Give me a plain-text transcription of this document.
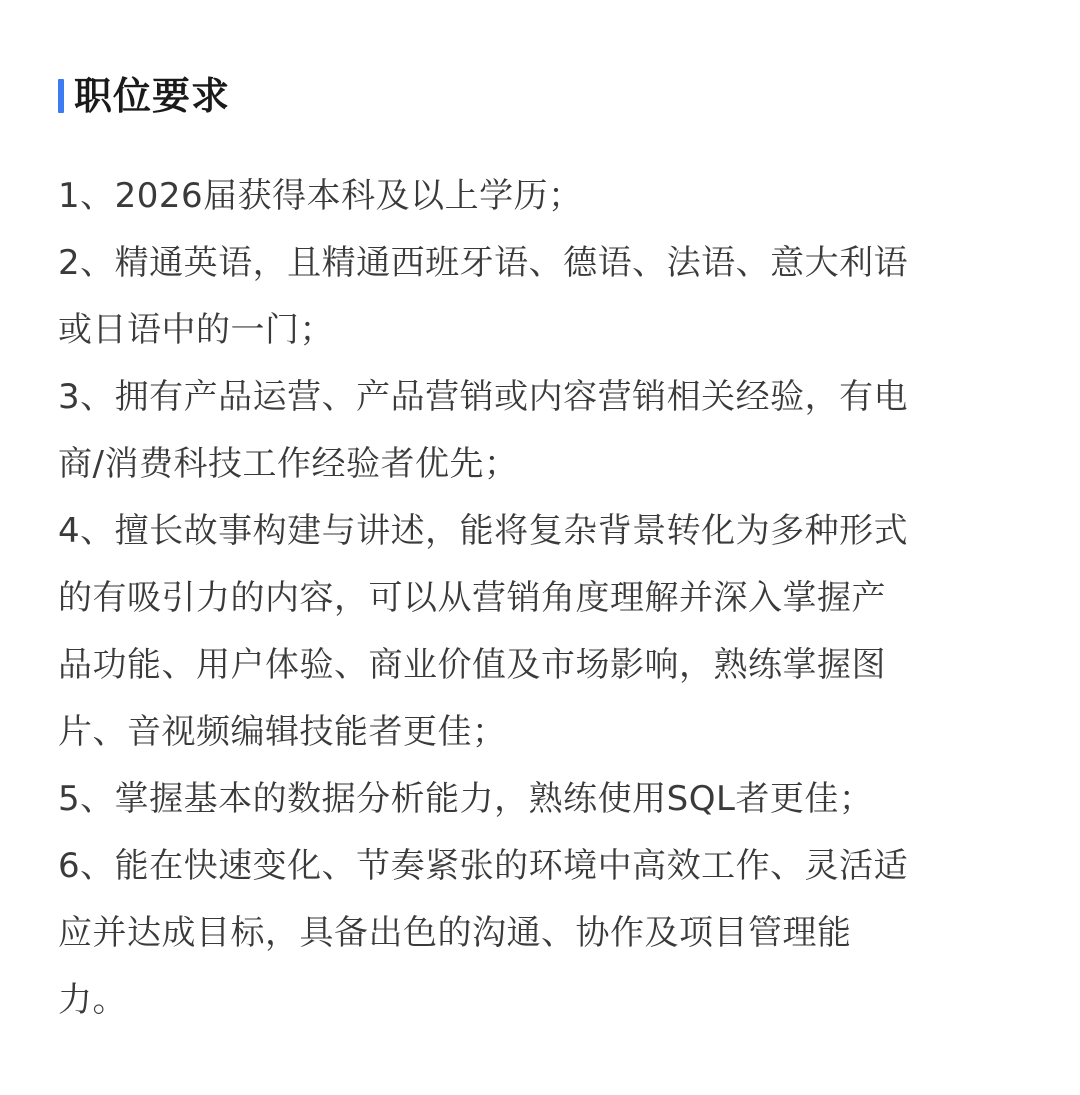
职位要求
1、2026届获得本科及以上学历；
2、精通英语，且精通西班牙语、德语、法语、意大利语
或日语中的一门；
3、拥有产品运营、产品营销或内容营销相关经验，有电
商/消费科技工作经验者优先；
4、擅长故事构建与讲述，能将复杂背景转化为多种形式
的有吸引力的内容，可以从营销角度理解并深入掌握产
品功能、用户体验、商业价值及市场影响，熟练掌握图
片、音视频编辑技能者更佳；
5、掌握基本的数据分析能力，熟练使用SQL者更佳；
6、能在快速变化、节奏紧张的环境中高效工作、灵活适
应并达成目标，具备出色的沟通、协作及项目管理能
力。
